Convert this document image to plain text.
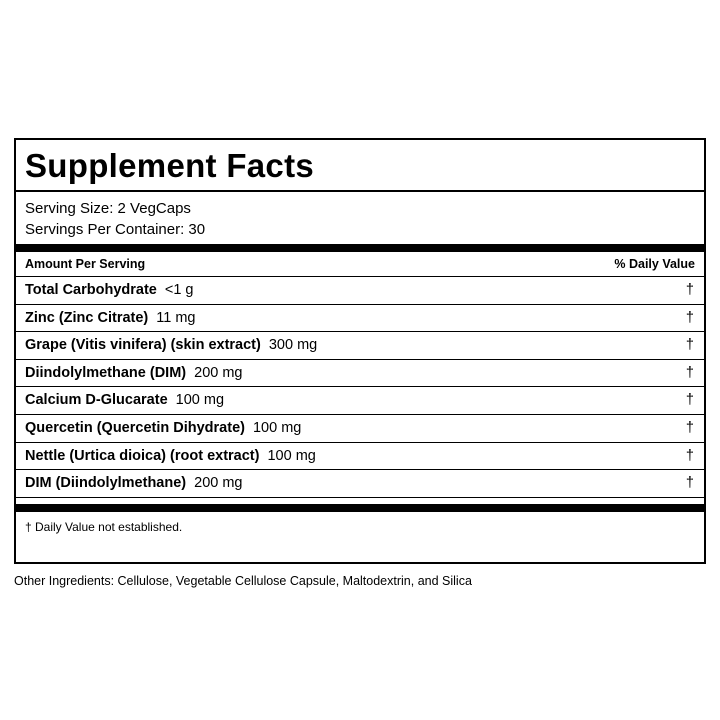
Supplement Facts
Serving Size: 2 VegCaps
Servings Per Container: 30
Amount Per Serving	% Daily Value
Total Carbohydrate <1 g	†
Zinc (Zinc Citrate) 11 mg	†
Grape (Vitis vinifera) (skin extract) 300 mg	†
Diindolylmethane (DIM) 200 mg	†
Calcium D-Glucarate 100 mg	†
Quercetin (Quercetin Dihydrate) 100 mg	†
Nettle (Urtica dioica) (root extract) 100 mg	†
DIM (Diindolylmethane) 200 mg	†
† Daily Value not established.
Other Ingredients: Cellulose, Vegetable Cellulose Capsule, Maltodextrin, and Silica
